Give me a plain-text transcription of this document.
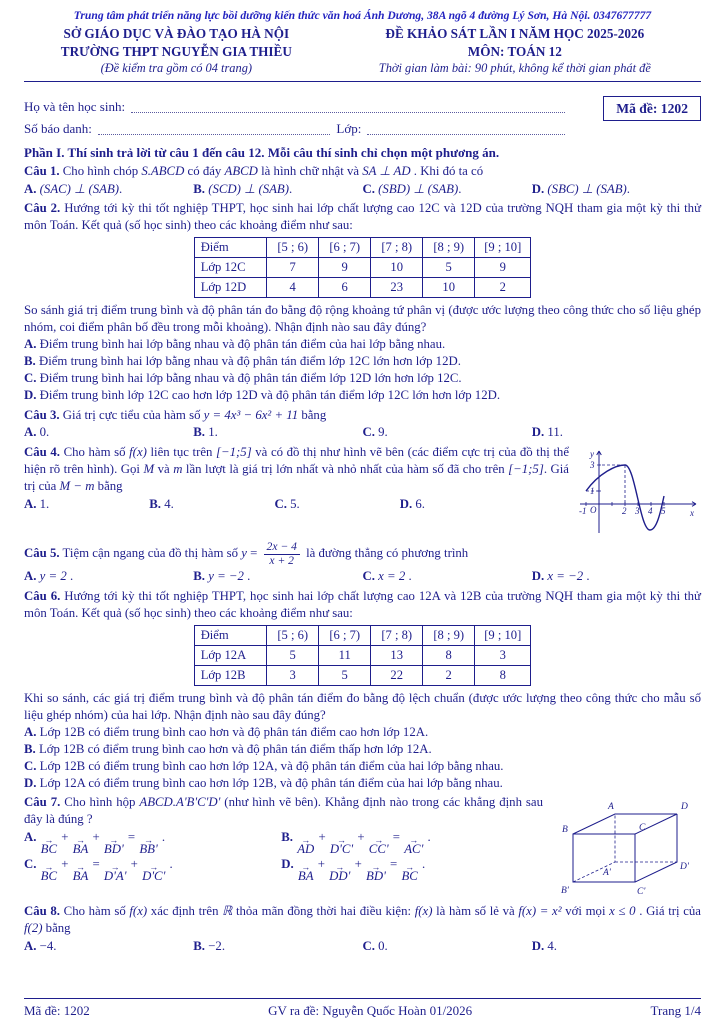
Trung tâm phát triển năng lực bồi dưỡng kiến thức văn hoá Ánh Dương, 38A ngõ 4 đường Lý Sơn, Hà Nội. 0347677777
SỞ GIÁO DỤC VÀ ĐÀO TẠO HÀ NỘI
TRƯỜNG THPT NGUYỄN GIA THIỀU
(Đề kiểm tra gồm có 04 trang)
ĐỀ KHẢO SÁT LẦN I NĂM HỌC 2025-2026
MÔN: TOÁN 12
Thời gian làm bài: 90 phút, không kể thời gian phát đề
Họ và tên học sinh:
Số báo danh:	Lớp:
Mã đề: 1202
Phần I. Thí sinh trả lời từ câu 1 đến câu 12. Mỗi câu thí sinh chỉ chọn một phương án.

Câu 1. Cho hình chóp S.ABCD có đáy ABCD là hình chữ nhật và SA ⊥ AD . Khi đó ta có

A. (SAC) ⊥ (SAB).	B. (SCD) ⊥ (SAB).	C. (SBD) ⊥ (SAB).	D. (SBC) ⊥ (SAB).

Câu 2. Hướng tới kỳ thi tốt nghiệp THPT, học sinh hai lớp chất lượng cao 12C và 12D của trường NQH tham gia một kỳ thi thử môn Toán. Kết quả (số học sinh) theo các khoảng điểm như sau:

Điểm	[5 ; 6)	[6 ; 7)	[7 ; 8)	[8 ; 9)	[9 ; 10]
Lớp 12C	7	9	10	5	9
Lớp 12D	4	6	23	10	2

So sánh giá trị điểm trung bình và độ phân tán đo bằng độ rộng khoảng tứ phân vị (được ước lượng theo công thức cho số liệu ghép nhóm, coi điểm phân bố đều trong mỗi khoảng). Nhận định nào sau đây đúng?

A. Điểm trung bình hai lớp bằng nhau và độ phân tán điểm của hai lớp bằng nhau.

B. Điểm trung bình hai lớp bằng nhau và độ phân tán điểm lớp 12C lớn hơn lớp 12D.

C. Điểm trung bình hai lớp bằng nhau và độ phân tán điểm lớp 12D lớn hơn lớp 12C.

D. Điểm trung bình lớp 12C cao hơn lớp 12D và độ phân tán điểm lớp 12C lớn hơn lớp 12D.

Câu 3. Giá trị cực tiểu của hàm số y = 4x³ − 6x² + 11 bằng

A. 0.	B. 1.	C. 9.	D. 11.
y
x
O
3
1
-1	2 3 4 5

Câu 4. Cho hàm số f(x) liên tục trên [−1;5] và có đồ thị như hình vẽ bên (các điểm cực trị của đồ thị thể hiện rõ trên hình). Gọi M và m lần lượt là giá trị lớn nhất và nhỏ nhất của hàm số đã cho trên [−1;5]. Giá trị của M − m bằng

A. 1.	B. 4.	C. 5.	D. 6.

Câu 5. Tiệm cận ngang của đồ thị hàm số $y = \frac{2x - 4}{x + 2}$ là đường thẳng có phương trình

A. y = 2 .	B. y = −2 .	C. x = 2 .	D. x = −2 .

Câu 6. Hướng tới kỳ thi tốt nghiệp THPT, học sinh hai lớp chất lượng cao 12A và 12B của trường NQH tham gia một kỳ thi thử môn Toán. Kết quả (số học sinh) theo các khoảng điểm như sau:

Điểm	[5 ; 6)	[6 ; 7)	[7 ; 8)	[8 ; 9)	[9 ; 10]
Lớp 12A	5	11	13	8	3
Lớp 12B	3	5	22	2	8

Khi so sánh, các giá trị điểm trung bình và độ phân tán điểm đo bằng độ lệch chuẩn (được ước lượng theo công thức cho mẫu số liệu ghép nhóm) của hai lớp. Nhận định nào sau đây đúng?

A. Lớp 12B có điểm trung bình cao hơn và độ phân tán điểm cao hơn lớp 12A.

B. Lớp 12B có điểm trung bình cao hơn và độ phân tán điểm thấp hơn lớp 12A.

C. Lớp 12B có điểm trung bình cao hơn lớp 12A, và độ phân tán điểm của hai lớp bằng nhau.

D. Lớp 12A có điểm trung bình cao hơn lớp 12B, và độ phân tán điểm của hai lớp bằng nhau.

A	D
B	C
A'
D'
B'	C'

Câu 7. Cho hình hộp ABCD.A'B'C'D' (như hình vẽ bên). Khẳng định nào trong các khẳng định sau đây là đúng ?

A. → BC + → BA + → BD' = → BB' .	B. → AD + → D'C' + → CC' = → AC' .
C. → BC + → BA = → D'A' + → D'C' .	D. → BA + → DD' + → BD' = → BC .

Câu 8. Cho hàm số f(x) xác định trên ℝ thỏa mãn đồng thời hai điều kiện: f(x) là hàm số lẻ và f(x) = x² với mọi x ≤ 0 . Giá trị của f(2) bằng

A. −4.	B. −2.	C. 0.	D. 4.
Mã đề: 1202	GV ra đề: Nguyễn Quốc Hoàn 01/2026	Trang 1/4
